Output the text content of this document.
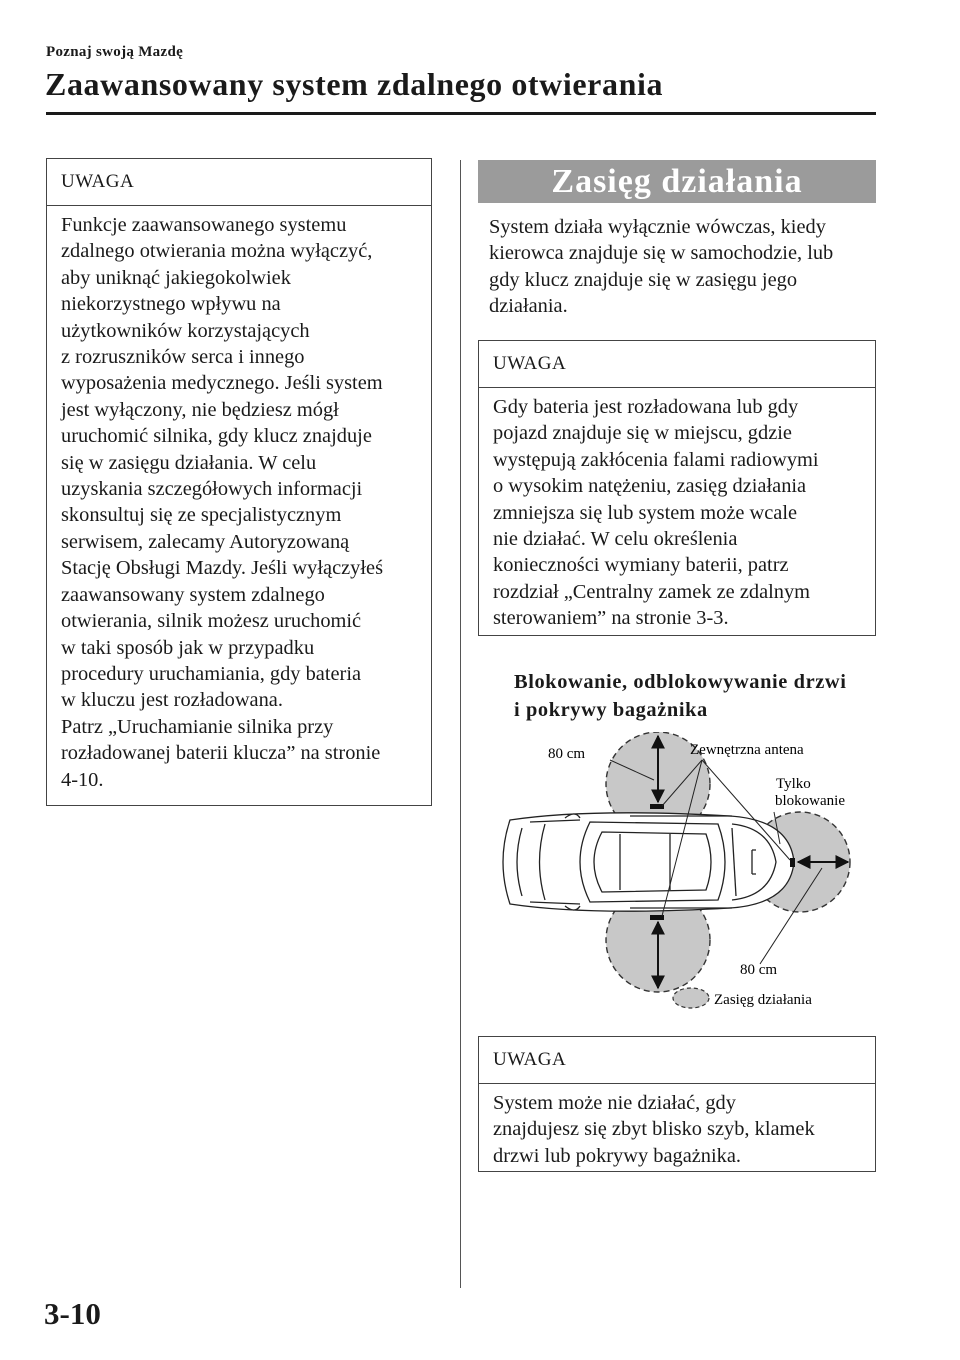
Poznaj swoją Mazdę
Zaawansowany system zdalnego otwierania
UWAGA

Funkcje zaawansowanego systemu

zdalnego otwierania można wyłączyć,

aby uniknąć jakiegokolwiek

niekorzystnego wpływu na

użytkowników korzystających

z rozruszników serca i innego

wyposażenia medycznego. Jeśli system

jest wyłączony, nie będziesz mógł

uruchomić silnika, gdy klucz znajduje

się w zasięgu działania. W celu

uzyskania szczegółowych informacji

skonsultuj się ze specjalistycznym

serwisem, zalecamy Autoryzowaną

Stację Obsługi Mazdy. Jeśli wyłączyłeś

zaawansowany system zdalnego

otwierania, silnik możesz uruchomić

w taki sposób jak w przypadku

procedury uruchamiania, gdy bateria

w kluczu jest rozładowana.

Patrz „Uruchamianie silnika przy

rozładowanej baterii klucza” na stronie

4-10.

Zasięg działania

System działa wyłącznie wówczas, kiedy

kierowca znajduje się w samochodzie, lub

gdy klucz znajduje się w zasięgu jego

działania.

UWAGA

Gdy bateria jest rozładowana lub gdy

pojazd znajduje się w miejscu, gdzie

występują zakłócenia falami radiowymi

o wysokim natężeniu, zasięg działania

zmniejsza się lub system może wcale

nie działać. W celu określenia

konieczności wymiany baterii, patrz

rozdział „Centralny zamek ze zdalnym

sterowaniem” na stronie 3-3.

Blokowanie, odblokowywanie drzwi

i pokrywy bagażnika

80 cm	Zewnętrzna antena
Tylko
blokowanie
80 cm
Zasięg działania
UWAGA

System może nie działać, gdy

znajdujesz się zbyt blisko szyb, klamek

drzwi lub pokrywy bagażnika.

3-10
